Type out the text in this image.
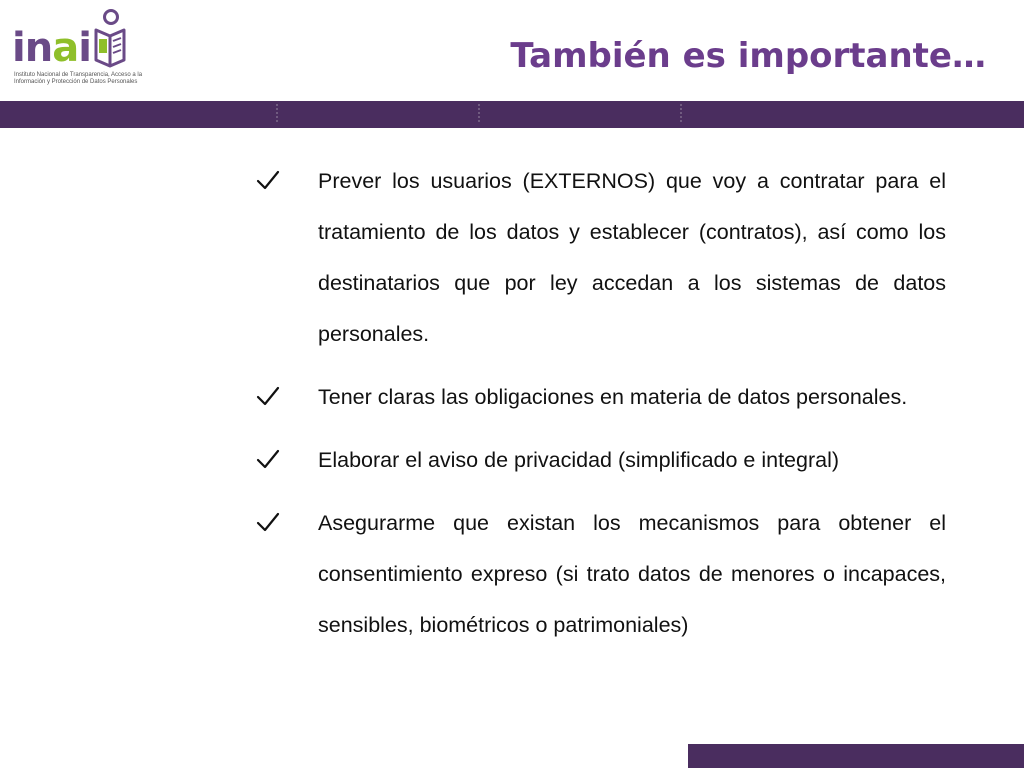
inai
Instituto Nacional de Transparencia, Acceso a la Información y Protección de Datos Personales
También es importante…

Prever los usuarios (EXTERNOS) que voy a contratar para el tratamiento de los datos y establecer (contratos), así como los destinatarios que por ley accedan a los sistemas de datos personales.

Tener claras las obligaciones en materia de datos personales.

Elaborar el aviso de privacidad (simplificado e integral)

Asegurarme que existan los mecanismos para obtener el consentimiento expreso (si trato datos de menores o incapaces, sensibles, biométricos o patrimoniales)
